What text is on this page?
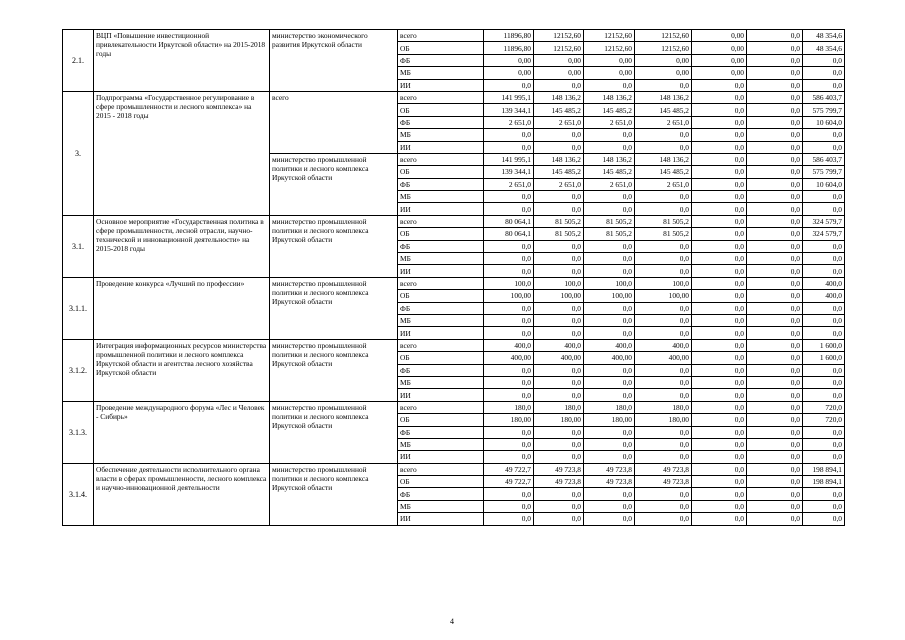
2.1.	ВЦП «Повышение инвестиционной привлекательности Иркутской области» на 2015-2018 годы	министерство экономического развития Иркутской области	всего	11896,80	12152,60	12152,60	12152,60	0,00	0,0	48 354,6
			ОБ	11896,80	12152,60	12152,60	12152,60	0,00	0,0	48 354,6
			ФБ	0,00	0,00	0,00	0,00	0,00	0,0	0,0
			МБ	0,00	0,00	0,00	0,00	0,00	0,0	0,0
			ИИ	0,0	0,0	0,0	0,0	0,0	0,0	0,0
3.	Подпрограмма «Государственное регулирование в сфере промышленности и лесного комплекса» на 2015 - 2018 годы	всего	всего	141 995,1	148 136,2	148 136,2	148 136,2	0,0	0,0	586 403,7
			ОБ	139 344,1	145 485,2	145 485,2	145 485,2	0,0	0,0	575 799,7
			ФБ	2 651,0	2 651,0	2 651,0	2 651,0	0,0	0,0	10 604,0
			МБ	0,0	0,0	0,0	0,0	0,0	0,0	0,0
			ИИ	0,0	0,0	0,0	0,0	0,0	0,0	0,0
		министерство промышленной политики и лесного комплекса Иркутской области	всего	141 995,1	148 136,2	148 136,2	148 136,2	0,0	0,0	586 403,7
			ОБ	139 344,1	145 485,2	145 485,2	145 485,2	0,0	0,0	575 799,7
			ФБ	2 651,0	2 651,0	2 651,0	2 651,0	0,0	0,0	10 604,0
			МБ	0,0	0,0	0,0	0,0	0,0	0,0	0,0
			ИИ	0,0	0,0	0,0	0,0	0,0	0,0	0,0
3.1.	Основное мероприятие «Государственная политика в сфере промышленности, лесной отрасли, научно-технической и инновационной деятельности» на 2015-2018 годы	министерство промышленной политики и лесного комплекса Иркутской области	всего	80 064,1	81 505,2	81 505,2	81 505,2	0,0	0,0	324 579,7
			ОБ	80 064,1	81 505,2	81 505,2	81 505,2	0,0	0,0	324 579,7
			ФБ	0,0	0,0	0,0	0,0	0,0	0,0	0,0
			МБ	0,0	0,0	0,0	0,0	0,0	0,0	0,0
			ИИ	0,0	0,0	0,0	0,0	0,0	0,0	0,0
3.1.1.	Проведение конкурса «Лучший по профессии»	министерство промышленной политики и лесного комплекса Иркутской области	всего	100,0	100,0	100,0	100,0	0,0	0,0	400,0
			ОБ	100,00	100,00	100,00	100,00	0,0	0,0	400,0
			ФБ	0,0	0,0	0,0	0,0	0,0	0,0	0,0
			МБ	0,0	0,0	0,0	0,0	0,0	0,0	0,0
			ИИ	0,0	0,0	0,0	0,0	0,0	0,0	0,0
3.1.2.	Интеграция информационных ресурсов министерства промышленной политики и лесного комплекса Иркутской области и агентства лесного хозяйства Иркутской области	министерство промышленной политики и лесного комплекса Иркутской области	всего	400,0	400,0	400,0	400,0	0,0	0,0	1 600,0
			ОБ	400,00	400,00	400,00	400,00	0,0	0,0	1 600,0
			ФБ	0,0	0,0	0,0	0,0	0,0	0,0	0,0
			МБ	0,0	0,0	0,0	0,0	0,0	0,0	0,0
			ИИ	0,0	0,0	0,0	0,0	0,0	0,0	0,0
3.1.3.	Проведение международного форума «Лес и Человек - Сибирь»	министерство промышленной политики и лесного комплекса Иркутской области	всего	180,0	180,0	180,0	180,0	0,0	0,0	720,0
			ОБ	180,00	180,00	180,00	180,00	0,0	0,0	720,0
			ФБ	0,0	0,0	0,0	0,0	0,0	0,0	0,0
			МБ	0,0	0,0	0,0	0,0	0,0	0,0	0,0
			ИИ	0,0	0,0	0,0	0,0	0,0	0,0	0,0
3.1.4.	Обеспечение деятельности исполнительного органа власти в сферах промышленности, лесного комплекса и научно-инновационной деятельности	министерство промышленной политики и лесного комплекса Иркутской области	всего	49 722,7	49 723,8	49 723,8	49 723,8	0,0	0,0	198 894,1
			ОБ	49 722,7	49 723,8	49 723,8	49 723,8	0,0	0,0	198 894,1
			ФБ	0,0	0,0	0,0	0,0	0,0	0,0	0,0
			МБ	0,0	0,0	0,0	0,0	0,0	0,0	0,0
			ИИ	0,0	0,0	0,0	0,0	0,0	0,0	0,0
4
